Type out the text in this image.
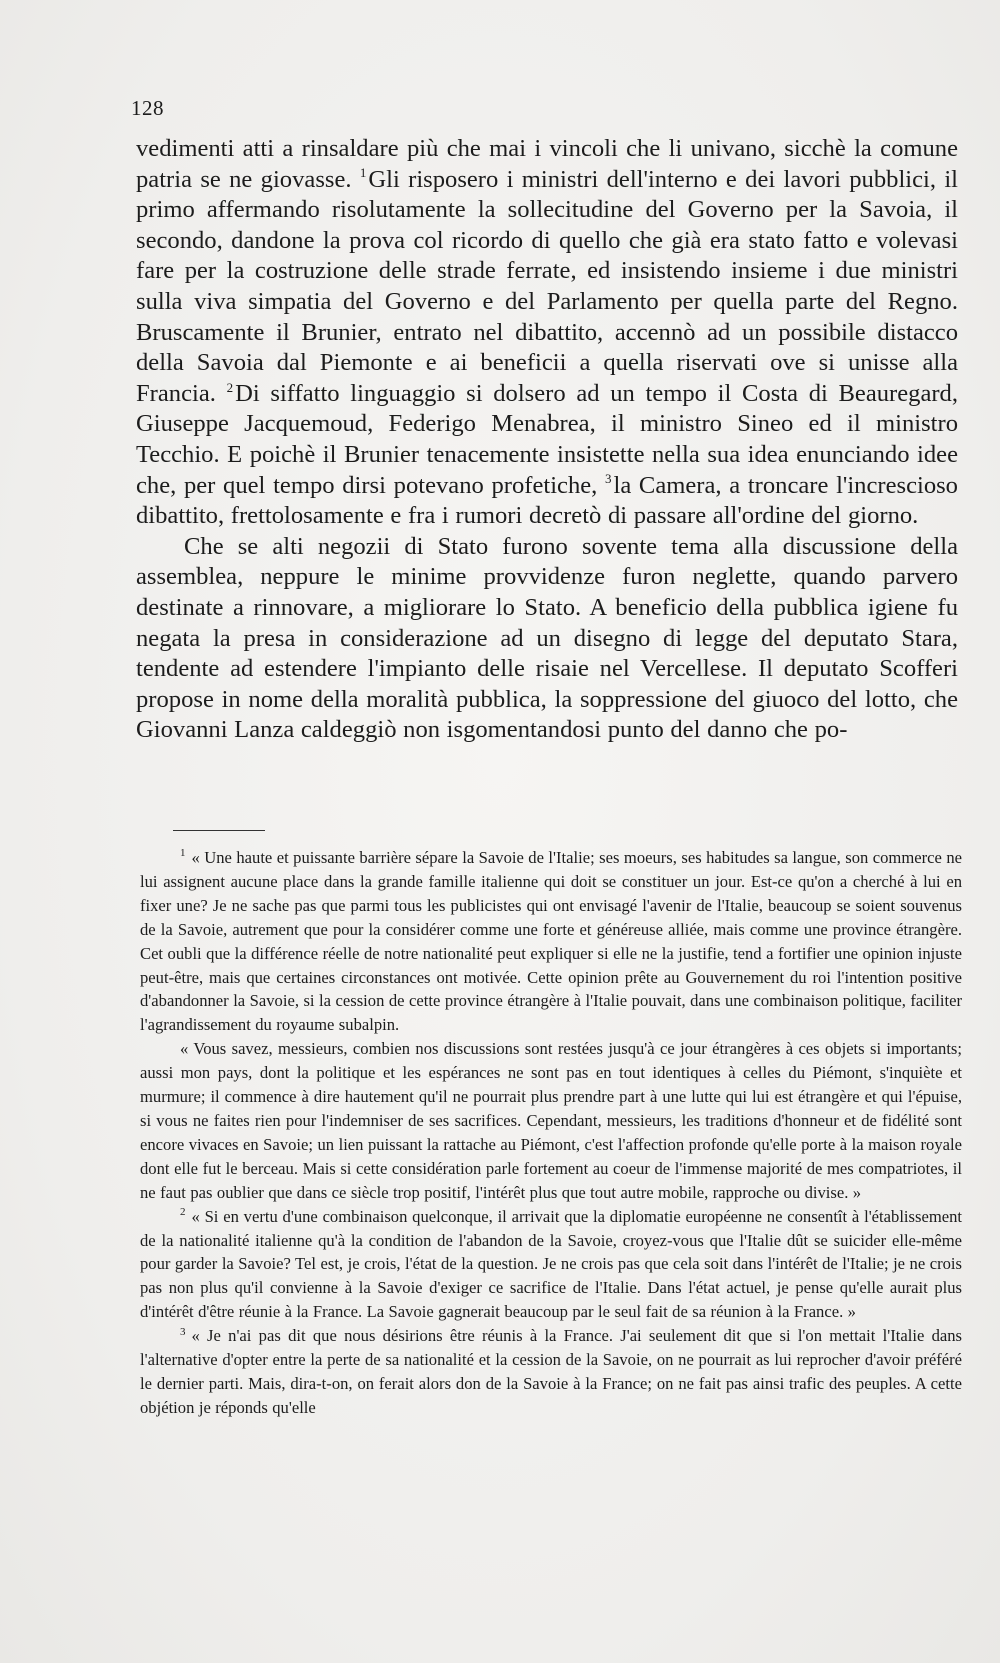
128

vedimenti atti a rinsaldare più che mai i vincoli che li univano, sicchè la comune patria se ne giovasse. $^1$Gli risposero i ministri dell'interno e dei lavori pubblici, il primo affermando risolutamente la sollecitudine del Governo per la Savoia, il secondo, dandone la prova col ricordo di quello che già era stato fatto e volevasi fare per la costruzione delle strade ferrate, ed insistendo insieme i due ministri sulla viva simpatia del Governo e del Parlamento per quella parte del Regno. Bruscamente il Brunier, entrato nel dibattito, accennò ad un possibile distacco della Savoia dal Piemonte e ai beneficii a quella riservati ove si unisse alla Francia. $^2$Di siffatto linguaggio si dolsero ad un tempo il Costa di Beauregard, Giuseppe Jacquemoud, Federigo Menabrea, il ministro Sineo ed il ministro Tecchio. E poichè il Brunier tenacemente insistette nella sua idea enunciando idee che, per quel tempo dirsi potevano profetiche, $^3$la Camera, a troncare l'increscioso dibattito, frettolosamente e fra i rumori decretò di passare all'ordine del giorno.

Che se alti negozii di Stato furono sovente tema alla discussione della assemblea, neppure le minime provvidenze furon neglette, quando parvero destinate a rinnovare, a migliorare lo Stato. A beneficio della pubblica igiene fu negata la presa in considerazione ad un disegno di legge del deputato Stara, tendente ad estendere l'impianto delle risaie nel Vercellese. Il deputato Scofferi propose in nome della moralità pubblica, la soppressione del giuoco del lotto, che Giovanni Lanza caldeggiò non isgomentandosi punto del danno che po-

$^1$ « Une haute et puissante barrière sépare la Savoie de l'Italie; ses moeurs, ses habitudes sa langue, son commerce ne lui assignent aucune place dans la grande famille italienne qui doit se constituer un jour. Est-ce qu'on a cherché à lui en fixer une? Je ne sache pas que parmi tous les publicistes qui ont envisagé l'avenir de l'Italie, beaucoup se soient souvenus de la Savoie, autrement que pour la considérer comme une forte et généreuse alliée, mais comme une province étrangère. Cet oubli que la différence réelle de notre nationalité peut expliquer si elle ne la justifie, tend a fortifier une opinion injuste peut-être, mais que certaines circonstances ont motivée. Cette opinion prête au Gouvernement du roi l'intention positive d'abandonner la Savoie, si la cession de cette province étrangère à l'Italie pouvait, dans une combinaison politique, faciliter l'agrandissement du royaume subalpin.

« Vous savez, messieurs, combien nos discussions sont restées jusqu'à ce jour étrangères à ces objets si importants; aussi mon pays, dont la politique et les espérances ne sont pas en tout identiques à celles du Piémont, s'inquiète et murmure; il commence à dire hautement qu'il ne pourrait plus prendre part à une lutte qui lui est étrangère et qui l'épuise, si vous ne faites rien pour l'indemniser de ses sacrifices. Cependant, messieurs, les traditions d'honneur et de fidélité sont encore vivaces en Savoie; un lien puissant la rattache au Piémont, c'est l'affection profonde qu'elle porte à la maison royale dont elle fut le berceau. Mais si cette considération parle fortement au coeur de l'immense majorité de mes compatriotes, il ne faut pas oublier que dans ce siècle trop positif, l'intérêt plus que tout autre mobile, rapproche ou divise. »

$^2$ « Si en vertu d'une combinaison quelconque, il arrivait que la diplomatie européenne ne consentît à l'établissement de la nationalité italienne qu'à la condition de l'abandon de la Savoie, croyez-vous que l'Italie dût se suicider elle-même pour garder la Savoie? Tel est, je crois, l'état de la question. Je ne crois pas que cela soit dans l'intérêt de l'Italie; je ne crois pas non plus qu'il convienne à la Savoie d'exiger ce sacrifice de l'Italie. Dans l'état actuel, je pense qu'elle aurait plus d'intérêt d'être réunie à la France. La Savoie gagnerait beaucoup par le seul fait de sa réunion à la France. »

$^3$ « Je n'ai pas dit que nous désirions être réunis à la France. J'ai seulement dit que si l'on mettait l'Italie dans l'alternative d'opter entre la perte de sa nationalité et la cession de la Savoie, on ne pourrait as lui reprocher d'avoir préféré le dernier parti. Mais, dira-t-on, on ferait alors don de la Savoie à la France; on ne fait pas ainsi trafic des peuples. A cette objétion je réponds qu'elle
